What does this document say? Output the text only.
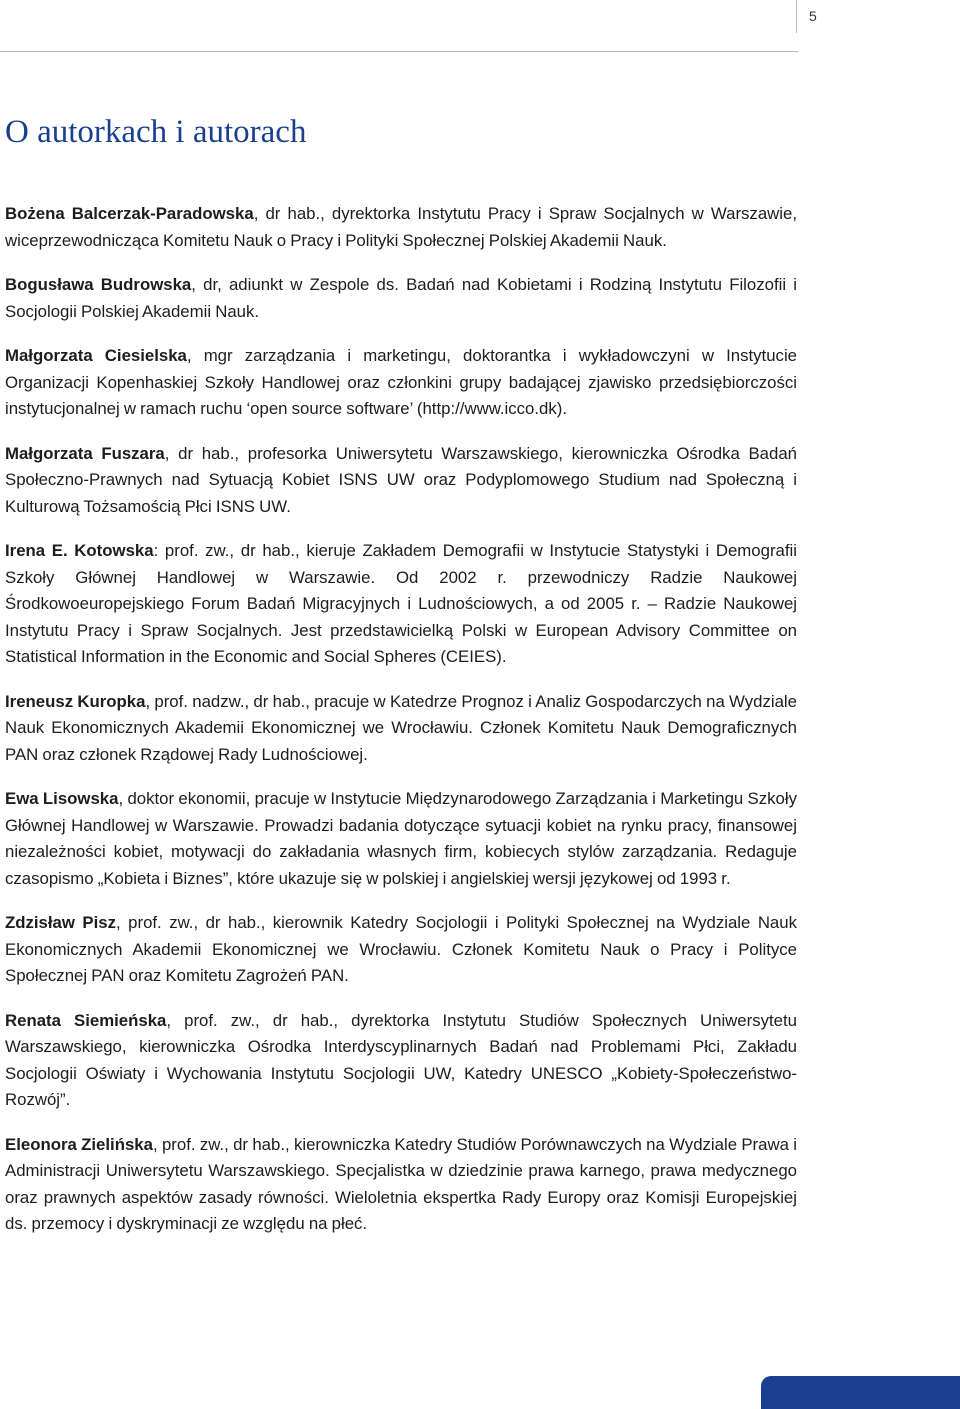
5
O autorkach i autorach

Bożena Balcerzak-Paradowska, dr hab., dyrektorka Instytutu Pracy i Spraw Socjalnych w Warszawie, wiceprzewodnicząca Komitetu Nauk o Pracy i Polityki Społecznej Polskiej Akademii Nauk.

Bogusława Budrowska, dr, adiunkt w Zespole ds. Badań nad Kobietami i Rodziną Instytutu Filozofii i Socjologii Polskiej Akademii Nauk.

Małgorzata Ciesielska, mgr zarządzania i marketingu, doktorantka i wykładowczyni w Instytucie Organizacji Kopenhaskiej Szkoły Handlowej oraz członkini grupy badającej zjawisko przedsiębiorczości instytucjonalnej w ramach ruchu ‘open source software’ (http://www.icco.dk).

Małgorzata Fuszara, dr hab., profesorka Uniwersytetu Warszawskiego, kierowniczka Ośrodka Badań Społeczno-Prawnych nad Sytuacją Kobiet ISNS UW oraz Podyplomowego Studium nad Społeczną i Kulturową Tożsamością Płci ISNS UW.

Irena E. Kotowska: prof. zw., dr hab., kieruje Zakładem Demografii w Instytucie Statystyki i Demografii Szkoły Głównej Handlowej w Warszawie. Od 2002 r. przewodniczy Radzie Naukowej Środkowoeuropejskiego Forum Badań Migracyjnych i Ludnościowych, a od 2005 r. – Radzie Naukowej Instytutu Pracy i Spraw Socjalnych. Jest przedstawicielką Polski w European Advisory Committee on Statistical Information in the Economic and Social Spheres (CEIES).

Ireneusz Kuropka, prof. nadzw., dr hab., pracuje w Katedrze Prognoz i Analiz Gospodarczych na Wydziale Nauk Ekonomicznych Akademii Ekonomicznej we Wrocławiu. Członek Komitetu Nauk Demograficznych PAN oraz członek Rządowej Rady Ludnościowej.

Ewa Lisowska, doktor ekonomii, pracuje w Instytucie Międzynarodowego Zarządzania i Marketingu Szkoły Głównej Handlowej w Warszawie. Prowadzi badania dotyczące sytuacji kobiet na rynku pracy, finansowej niezależności kobiet, motywacji do zakładania własnych firm, kobiecych stylów zarządzania. Redaguje czasopismo „Kobieta i Biznes”, które ukazuje się w polskiej i angielskiej wersji językowej od 1993 r.

Zdzisław Pisz, prof. zw., dr hab., kierownik Katedry Socjologii i Polityki Społecznej na Wydziale Nauk Ekonomicznych Akademii Ekonomicznej we Wrocławiu. Członek Komitetu Nauk o Pracy i Polityce Społecznej PAN oraz Komitetu Zagrożeń PAN.

Renata Siemieńska, prof. zw., dr hab., dyrektorka Instytutu Studiów Społecznych Uniwersytetu Warszawskiego, kierowniczka Ośrodka Interdyscyplinarnych Badań nad Problemami Płci, Zakładu Socjologii Oświaty i Wychowania Instytutu Socjologii UW, Katedry UNESCO „Kobiety-Społeczeństwo-Rozwój”.

Eleonora Zielińska, prof. zw., dr hab., kierowniczka Katedry Studiów Porównawczych na Wydziale Prawa i Administracji Uniwersytetu Warszawskiego. Specjalistka w dziedzinie prawa karnego, prawa medycznego oraz prawnych aspektów zasady równości. Wieloletnia ekspertka Rady Europy oraz Komisji Europejskiej ds. przemocy i dyskryminacji ze względu na płeć.
